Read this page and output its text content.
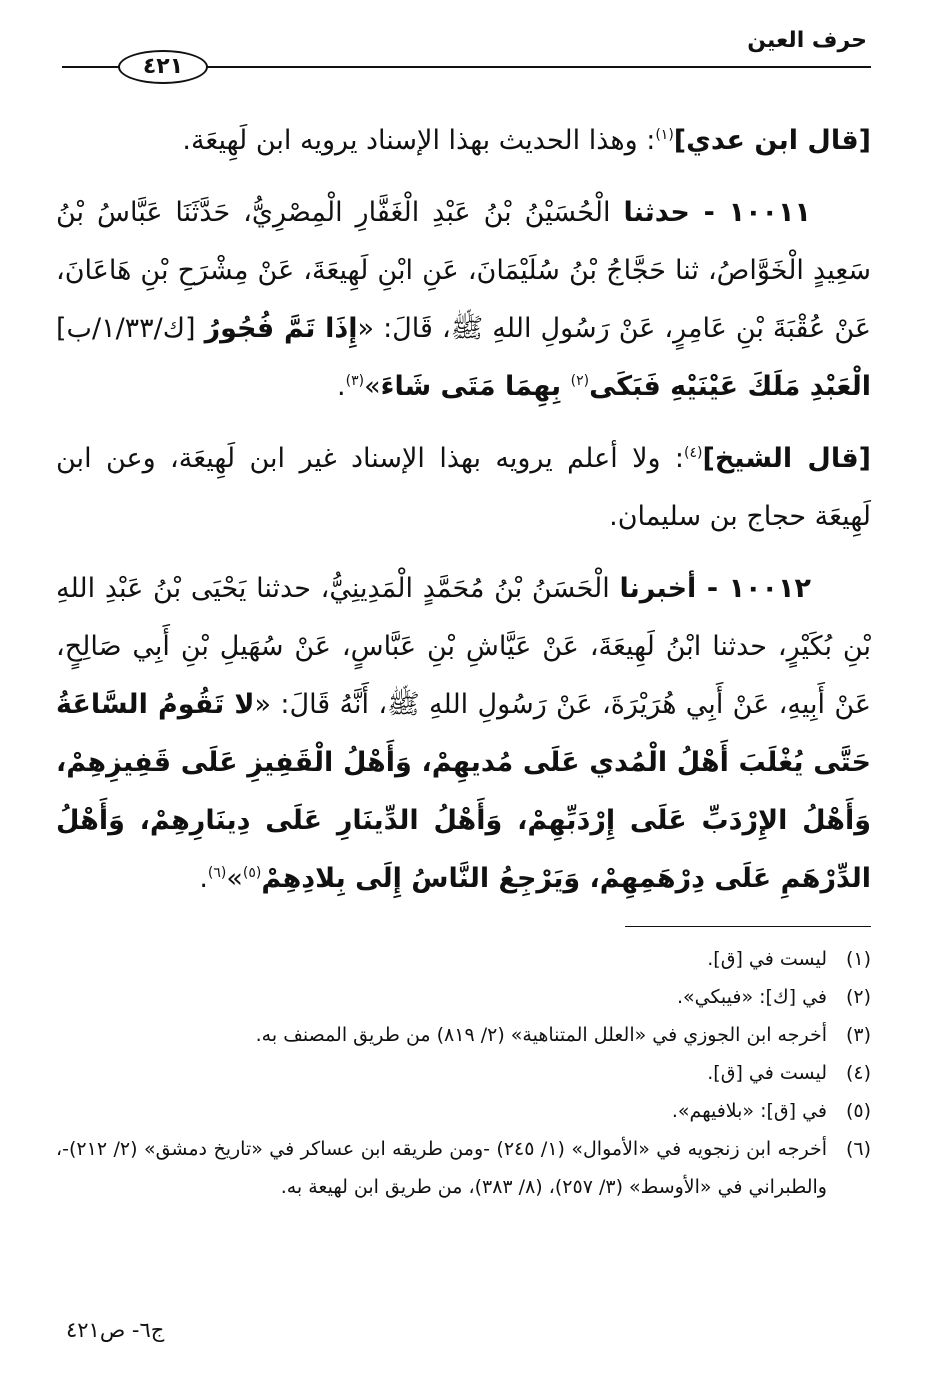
حرف العين
٤٢١

[قال ابن عدي]$^{(١)}$: وهذا الحديث بهذا الإسناد يرويه ابن لَهِيعَة.

١٠٠١١ - حدثنا الْحُسَيْنُ بْنُ عَبْدِ الْغَفَّارِ الْمِصْرِيُّ، حَدَّثَنَا عَبَّاسُ بْنُ سَعِيدٍ الْخَوَّاصُ، ثنا حَجَّاجُ بْنُ سُلَيْمَانَ، عَنِ ابْنِ لَهِيعَةَ، عَنْ مِشْرَحِ بْنِ هَاعَانَ، عَنْ عُقْبَةَ بْنِ عَامِرٍ، عَنْ رَسُولِ اللهِ ﷺ، قَالَ: «إِذَا تَمَّ فُجُورُ [ك/١/٣٣/ب] الْعَبْدِ مَلَكَ عَيْنَيْهِ فَبَكَى$^{(٢)}$ بِهِمَا مَتَى شَاءَ»$^{(٣)}$.

[قال الشيخ]$^{(٤)}$: ولا أعلم يرويه بهذا الإسناد غير ابن لَهِيعَة، وعن ابن لَهِيعَة حجاج بن سليمان.

١٠٠١٢ - أخبرنا الْحَسَنُ بْنُ مُحَمَّدٍ الْمَدِينِيُّ، حدثنا يَحْيَى بْنُ عَبْدِ اللهِ بْنِ بُكَيْرٍ، حدثنا ابْنُ لَهِيعَةَ، عَنْ عَيَّاشِ بْنِ عَبَّاسٍ، عَنْ سُهَيلِ بْنِ أَبِي صَالِحٍ، عَنْ أَبِيهِ، عَنْ أَبِي هُرَيْرَةَ، عَنْ رَسُولِ اللهِ ﷺ، أَنَّهُ قَالَ: «لا تَقُومُ السَّاعَةُ حَتَّى يُغْلَبَ أَهْلُ الْمُدي عَلَى مُديهِمْ، وَأَهْلُ الْقَفِيزِ عَلَى قَفِيزِهِمْ، وَأَهْلُ الإِرْدَبِّ عَلَى إِرْدَبِّهِمْ، وَأَهْلُ الدِّينَارِ عَلَى دِينَارِهِمْ، وَأَهْلُ الدِّرْهَمِ عَلَى دِرْهَمِهِمْ، وَيَرْجِعُ النَّاسُ إِلَى بِلادِهِمْ$^{(٥)}$»$^{(٦)}$.

(١)
ليست في [ق].
(٢)
في [ك]: «فيبكي».
(٣)
أخرجه ابن الجوزي في «العلل المتناهية» (٢/ ٨١٩) من طريق المصنف به.
(٤)
ليست في [ق].
(٥)
في [ق]: «بلافيهم».
(٦)
أخرجه ابن زنجويه في «الأموال» (١/ ٢٤٥) -ومن طريقه ابن عساكر في «تاريخ دمشق» (٢/ ٢١٢)-، والطبراني في «الأوسط» (٣/ ٢٥٧)، (٨/ ٣٨٣)، من طريق ابن لهيعة به.
ج٦- ص٤٢١
